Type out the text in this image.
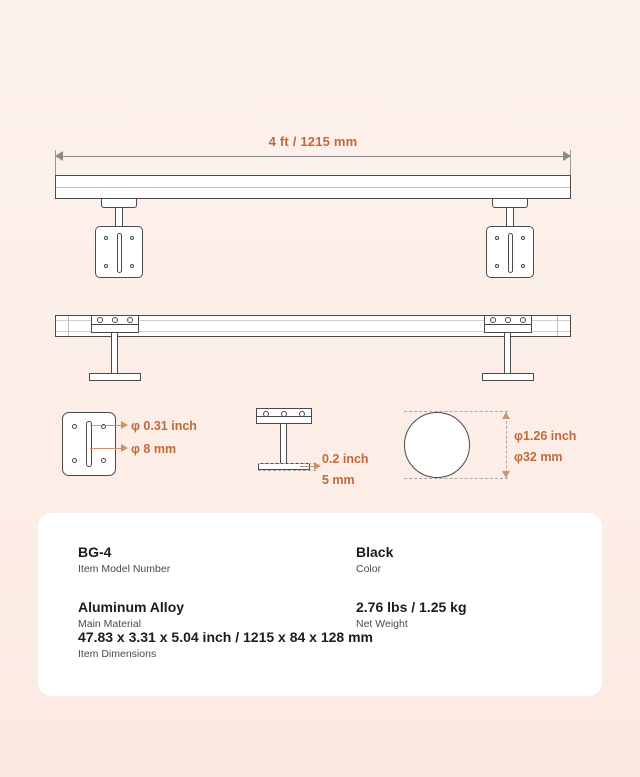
4 ft / 1215 mm
φ 0.31 inch
φ 8 mm
0.2 inch
5 mm
φ1.26 inch
φ32 mm
BG-4
Item Model Number
Aluminum Alloy
Main Material
Black
Color
2.76 lbs / 1.25 kg
Net Weight
47.83 x 3.31 x 5.04 inch / 1215 x 84 x 128 mm
Item Dimensions
